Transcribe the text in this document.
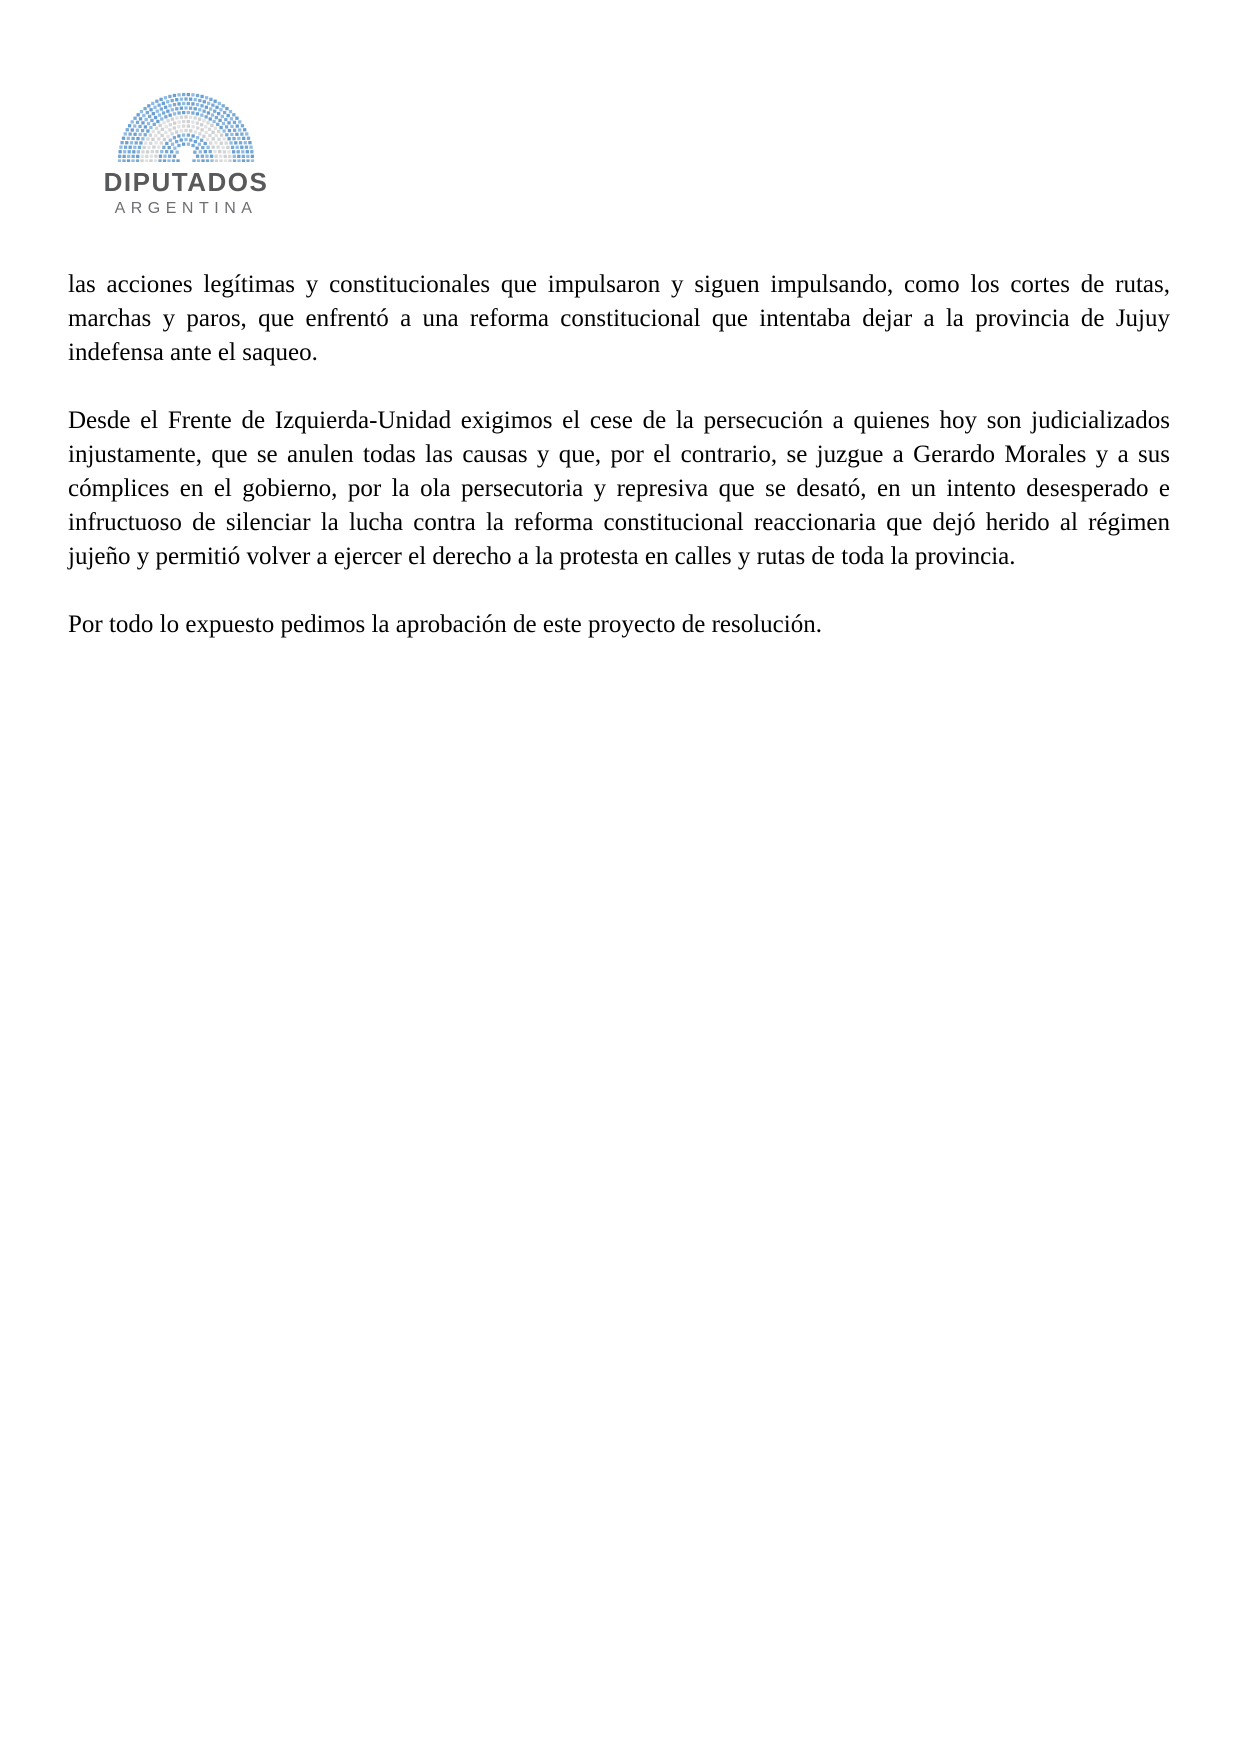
DIPUTADOS
ARGENTINA

las acciones legítimas y constitucionales que impulsaron y siguen impulsando, como los cortes de rutas, marchas y paros, que enfrentó a una reforma constitucional que intentaba dejar a la provincia de Jujuy indefensa ante el saqueo.

Desde el Frente de Izquierda-Unidad exigimos el cese de la persecución a quienes hoy son judicializados injustamente, que se anulen todas las causas y que, por el contrario, se juzgue a Gerardo Morales y a sus cómplices en el gobierno, por la ola persecutoria y represiva que se desató, en un intento desesperado e infructuoso de silenciar la lucha contra la reforma constitucional reaccionaria que dejó herido al régimen jujeño y permitió volver a ejercer el derecho a la protesta en calles y rutas de toda la provincia.

Por todo lo expuesto pedimos la aprobación de este proyecto de resolución.
